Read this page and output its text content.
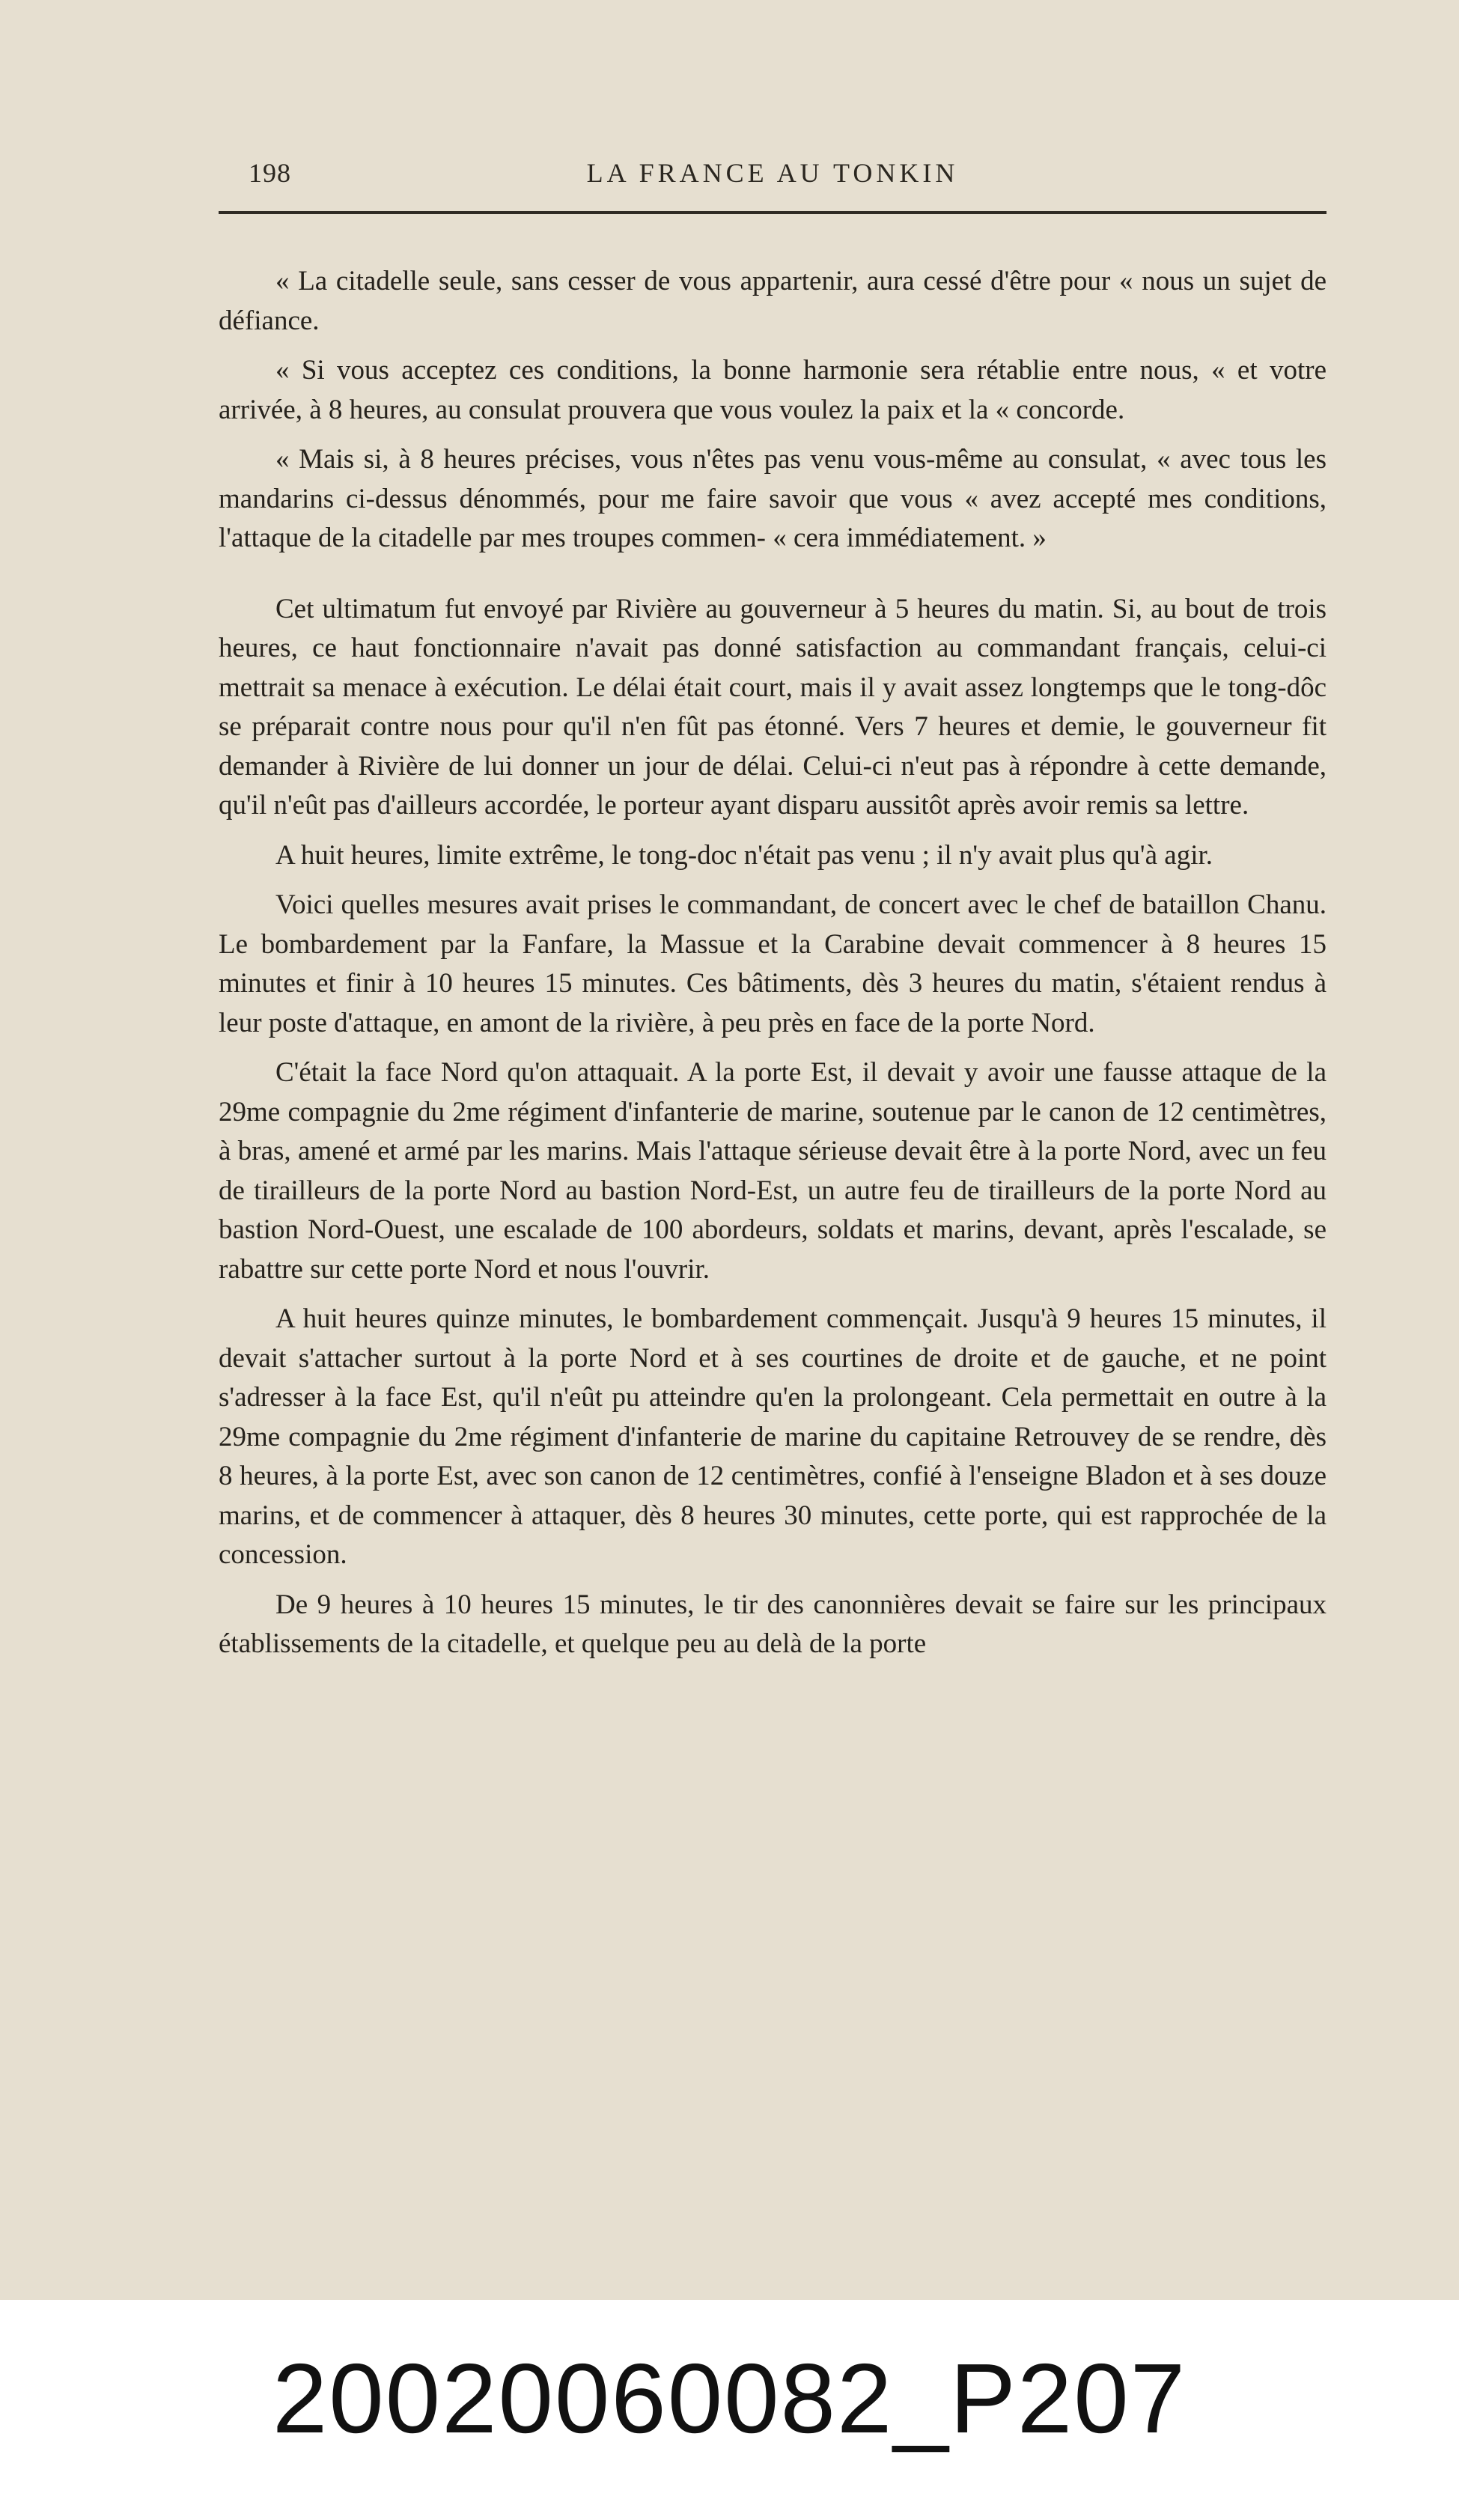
198	LA FRANCE AU TONKIN

« La citadelle seule, sans cesser de vous appartenir, aura cessé d'être pour « nous un sujet de défiance.

« Si vous acceptez ces conditions, la bonne harmonie sera rétablie entre nous, « et votre arrivée, à 8 heures, au consulat prouvera que vous voulez la paix et la « concorde.

« Mais si, à 8 heures précises, vous n'êtes pas venu vous-même au consulat, « avec tous les mandarins ci-dessus dénommés, pour me faire savoir que vous « avez accepté mes conditions, l'attaque de la citadelle par mes troupes commen- « cera immédiatement. »

Cet ultimatum fut envoyé par Rivière au gouverneur à 5 heures du matin. Si, au bout de trois heures, ce haut fonctionnaire n'avait pas donné satisfaction au commandant français, celui-ci mettrait sa menace à exécution. Le délai était court, mais il y avait assez longtemps que le tong-dôc se préparait contre nous pour qu'il n'en fût pas étonné. Vers 7 heures et demie, le gouverneur fit demander à Rivière de lui donner un jour de délai. Celui-ci n'eut pas à répondre à cette demande, qu'il n'eût pas d'ailleurs accordée, le porteur ayant disparu aussitôt après avoir remis sa lettre.

A huit heures, limite extrême, le tong-doc n'était pas venu ; il n'y avait plus qu'à agir.

Voici quelles mesures avait prises le commandant, de concert avec le chef de bataillon Chanu. Le bombardement par la Fanfare, la Massue et la Carabine devait commencer à 8 heures 15 minutes et finir à 10 heures 15 minutes. Ces bâtiments, dès 3 heures du matin, s'étaient rendus à leur poste d'attaque, en amont de la rivière, à peu près en face de la porte Nord.

C'était la face Nord qu'on attaquait. A la porte Est, il devait y avoir une fausse attaque de la 29me compagnie du 2me régiment d'infanterie de marine, soutenue par le canon de 12 centimètres, à bras, amené et armé par les marins. Mais l'attaque sérieuse devait être à la porte Nord, avec un feu de tirailleurs de la porte Nord au bastion Nord-Est, un autre feu de tirailleurs de la porte Nord au bastion Nord-Ouest, une escalade de 100 abordeurs, soldats et marins, devant, après l'escalade, se rabattre sur cette porte Nord et nous l'ouvrir.

A huit heures quinze minutes, le bombardement commençait. Jusqu'à 9 heures 15 minutes, il devait s'attacher surtout à la porte Nord et à ses courtines de droite et de gauche, et ne point s'adresser à la face Est, qu'il n'eût pu atteindre qu'en la prolongeant. Cela permettait en outre à la 29me compagnie du 2me régiment d'infanterie de marine du capitaine Retrouvey de se rendre, dès 8 heures, à la porte Est, avec son canon de 12 centimètres, confié à l'enseigne Bladon et à ses douze marins, et de commencer à attaquer, dès 8 heures 30 minutes, cette porte, qui est rapprochée de la concession.

De 9 heures à 10 heures 15 minutes, le tir des canonnières devait se faire sur les principaux établissements de la citadelle, et quelque peu au delà de la porte

20020060082_P207
